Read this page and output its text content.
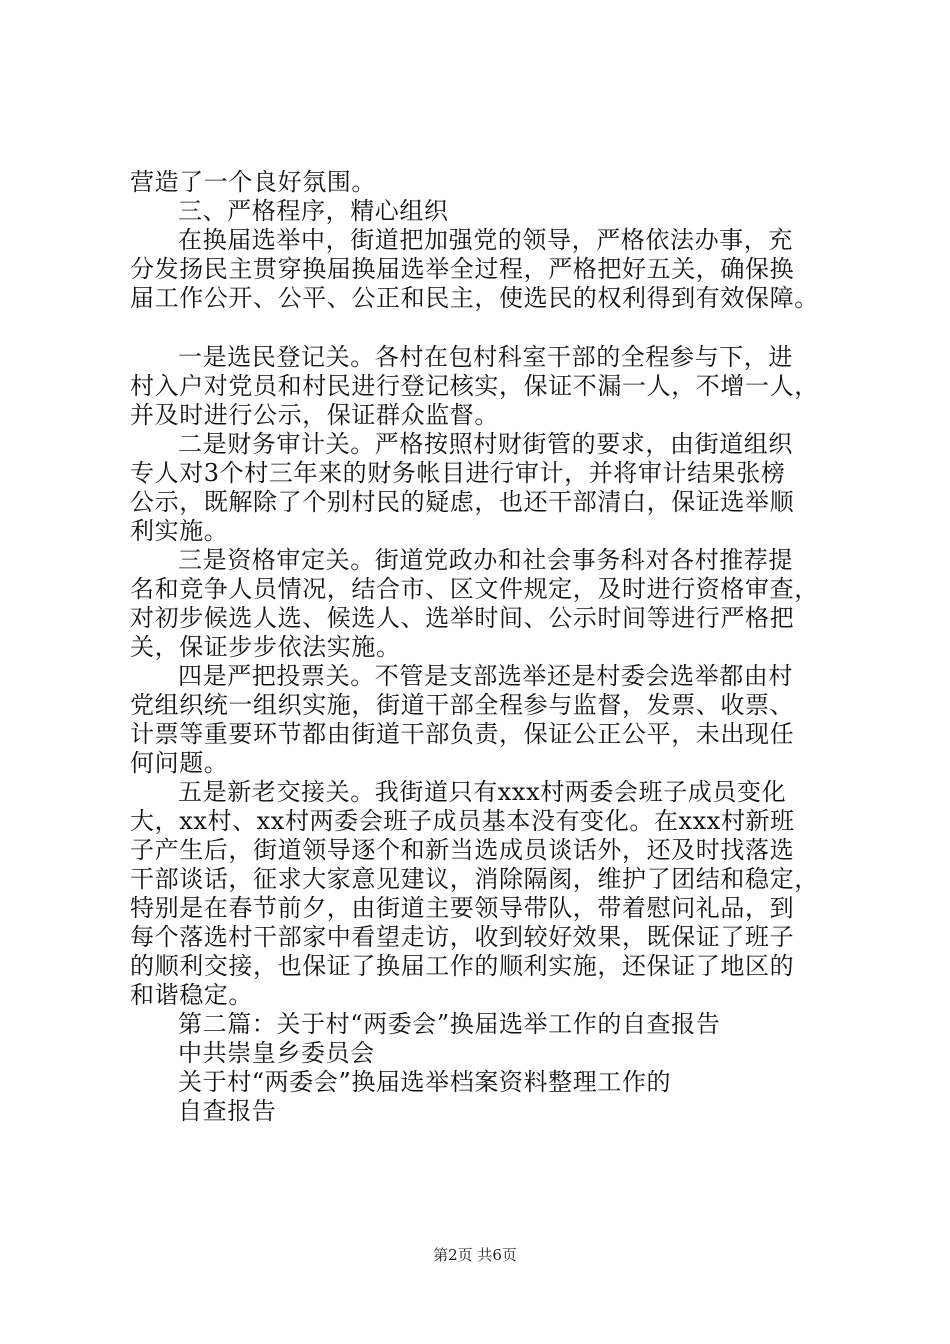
营造了一个良好氛围。
三、严格程序，精心组织
在换届选举中，街道把加强党的领导，严格依法办事，充
分发扬民主贯穿换届换届选举全过程，严格把好五关，确保换
届工作公开、公平、公正和民主，使选民的权利得到有效保障。
一是选民登记关。各村在包村科室干部的全程参与下，进
村入户对党员和村民进行登记核实，保证不漏一人，不增一人，
并及时进行公示，保证群众监督。
二是财务审计关。严格按照村财街管的要求，由街道组织
专人对3个村三年来的财务帐目进行审计，并将审计结果张榜
公示，既解除了个别村民的疑虑，也还干部清白，保证选举顺
利实施。
三是资格审定关。街道党政办和社会事务科对各村推荐提
名和竞争人员情况，结合市、区文件规定，及时进行资格审查，
对初步候选人选、候选人、选举时间、公示时间等进行严格把
关，保证步步依法实施。
四是严把投票关。不管是支部选举还是村委会选举都由村
党组织统一组织实施，街道干部全程参与监督，发票、收票、
计票等重要环节都由街道干部负责，保证公正公平，未出现任
何问题。
五是新老交接关。我街道只有xxx村两委会班子成员变化
大，xx村、xx村两委会班子成员基本没有变化。在xxx村新班
子产生后，街道领导逐个和新当选成员谈话外，还及时找落选
干部谈话，征求大家意见建议，消除隔阂，维护了团结和稳定，
特别是在春节前夕，由街道主要领导带队，带着慰问礼品，到
每个落选村干部家中看望走访，收到较好效果，既保证了班子
的顺利交接，也保证了换届工作的顺利实施，还保证了地区的
和谐稳定。
第二篇：关于村“两委会”换届选举工作的自查报告
中共崇皇乡委员会
关于村“两委会”换届选举档案资料整理工作的
自查报告
第2页 共6页
